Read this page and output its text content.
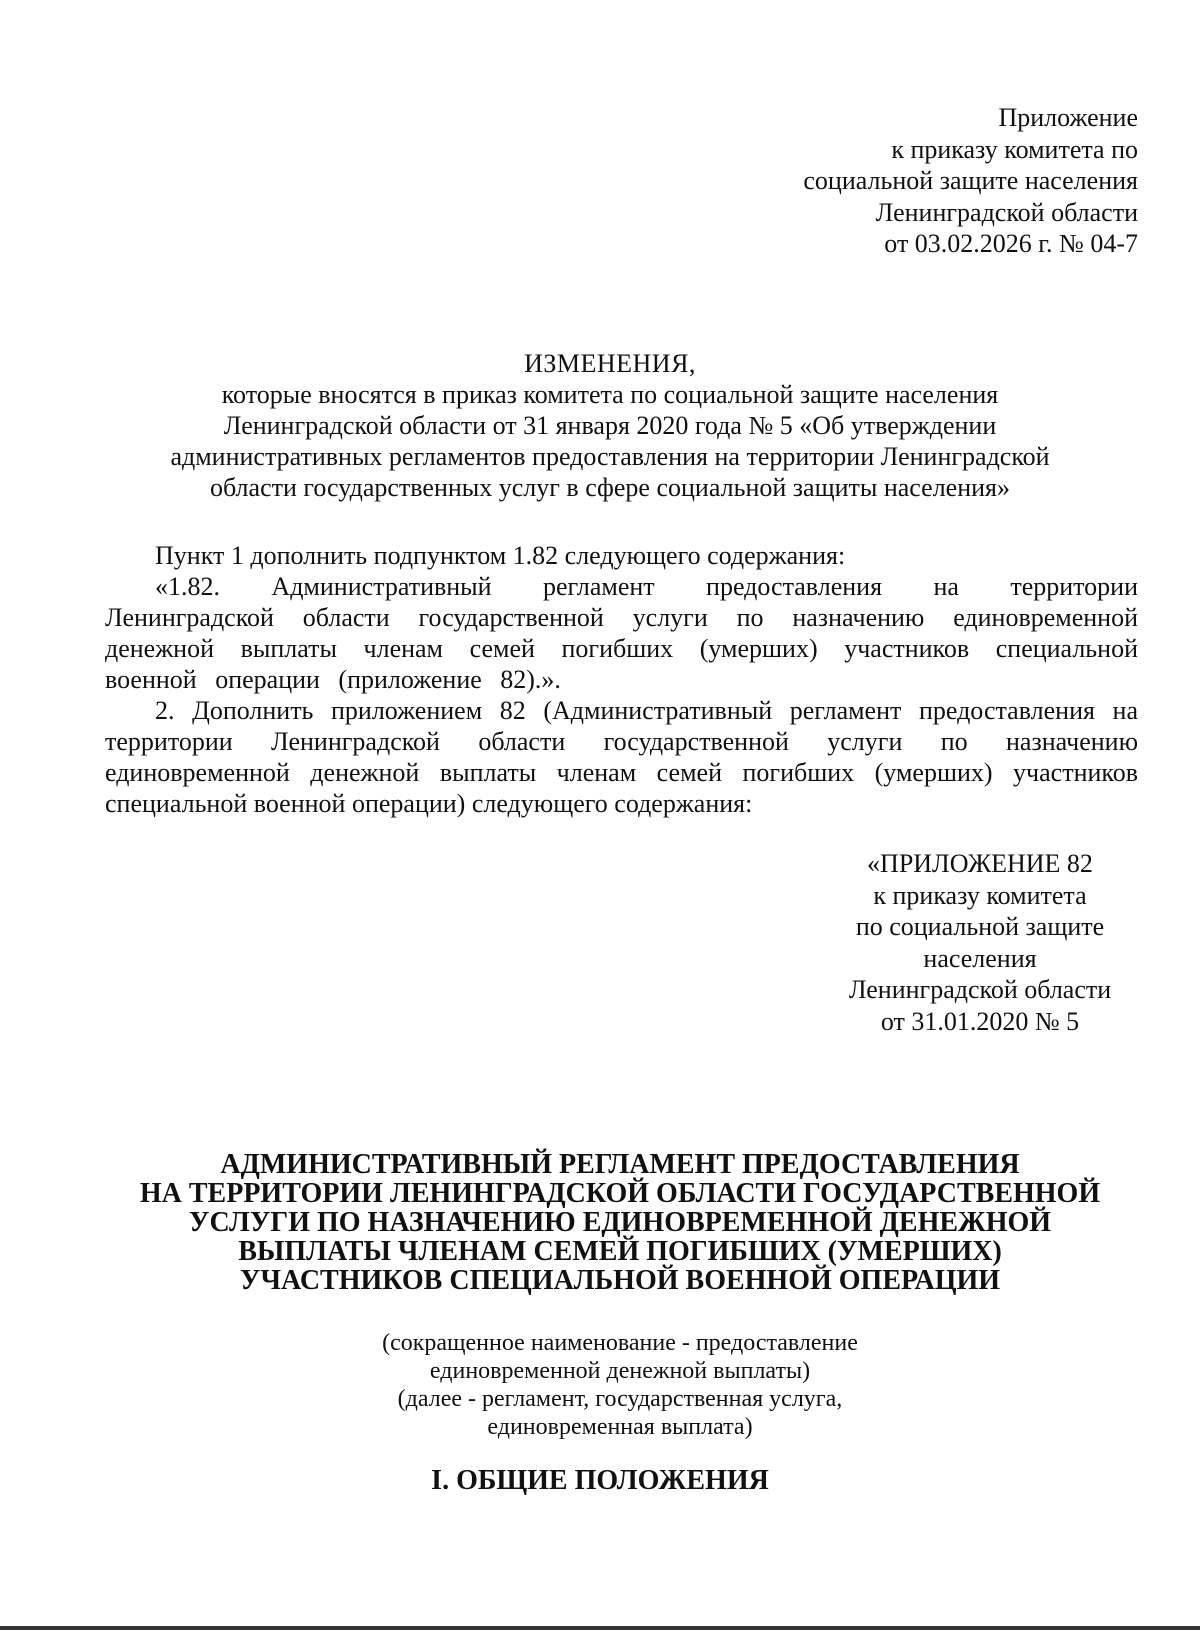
Приложение
к приказу комитета по
социальной защите населения
Ленинградской области
от 03.02.2026 г. № 04-7
ИЗМЕНЕНИЯ,
которые вносятся в приказ комитета по социальной защите населения
Ленинградской области от 31 января 2020 года № 5 «Об утверждении
административных регламентов предоставления на территории Ленинградской
области государственных услуг в сфере социальной защиты населения»

Пункт 1 дополнить подпунктом 1.82 следующего содержания:

«1.82. Административный регламент предоставления на территории Ленинградской области государственной услуги по назначению единовременной денежной выплаты членам семей погибших (умерших) участников специальной военной операции (приложение 82).».

2. Дополнить приложением 82 (Административный регламент предоставления на территории Ленинградской области государственной услуги по назначению единовременной денежной выплаты членам семей погибших (умерших) участников специальной военной операции) следующего содержания:

«ПРИЛОЖЕНИЕ 82
к приказу комитета
по социальной защите
населения
Ленинградской области
от 31.01.2020 № 5
АДМИНИСТРАТИВНЫЙ РЕГЛАМЕНТ ПРЕДОСТАВЛЕНИЯ
НА ТЕРРИТОРИИ ЛЕНИНГРАДСКОЙ ОБЛАСТИ ГОСУДАРСТВЕННОЙ
УСЛУГИ ПО НАЗНАЧЕНИЮ ЕДИНОВРЕМЕННОЙ ДЕНЕЖНОЙ
ВЫПЛАТЫ ЧЛЕНАМ СЕМЕЙ ПОГИБШИХ (УМЕРШИХ)
УЧАСТНИКОВ СПЕЦИАЛЬНОЙ ВОЕННОЙ ОПЕРАЦИИ
(сокращенное наименование - предоставление
единовременной денежной выплаты)
(далее - регламент, государственная услуга,
единовременная выплата)
I. ОБЩИЕ ПОЛОЖЕНИЯ
